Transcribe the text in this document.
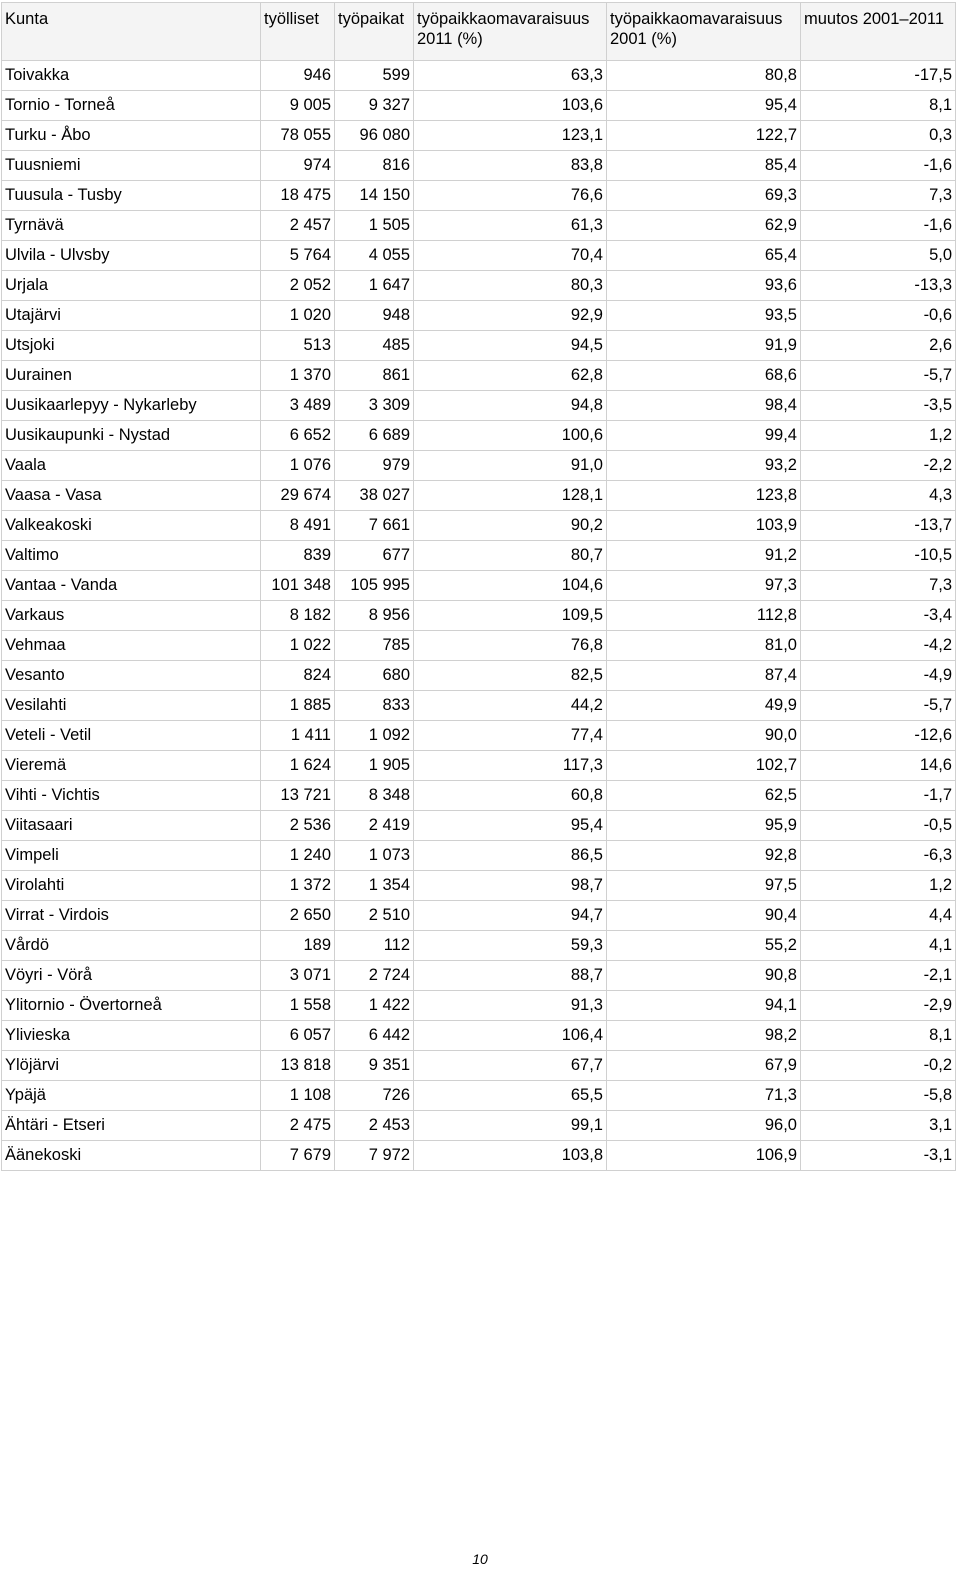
Kunta	työlliset	työpaikat	työpaikkaomavaraisuus 2011 (%)	työpaikkaomavaraisuus 2001 (%)	muutos 2001–2011
Toivakka	946	599	63,3	80,8	-17,5
Tornio - Torneå	9 005	9 327	103,6	95,4	8,1
Turku - Åbo	78 055	96 080	123,1	122,7	0,3
Tuusniemi	974	816	83,8	85,4	-1,6
Tuusula - Tusby	18 475	14 150	76,6	69,3	7,3
Tyrnävä	2 457	1 505	61,3	62,9	-1,6
Ulvila - Ulvsby	5 764	4 055	70,4	65,4	5,0
Urjala	2 052	1 647	80,3	93,6	-13,3
Utajärvi	1 020	948	92,9	93,5	-0,6
Utsjoki	513	485	94,5	91,9	2,6
Uurainen	1 370	861	62,8	68,6	-5,7
Uusikaarlepyy - Nykarleby	3 489	3 309	94,8	98,4	-3,5
Uusikaupunki - Nystad	6 652	6 689	100,6	99,4	1,2
Vaala	1 076	979	91,0	93,2	-2,2
Vaasa - Vasa	29 674	38 027	128,1	123,8	4,3
Valkeakoski	8 491	7 661	90,2	103,9	-13,7
Valtimo	839	677	80,7	91,2	-10,5
Vantaa - Vanda	101 348	105 995	104,6	97,3	7,3
Varkaus	8 182	8 956	109,5	112,8	-3,4
Vehmaa	1 022	785	76,8	81,0	-4,2
Vesanto	824	680	82,5	87,4	-4,9
Vesilahti	1 885	833	44,2	49,9	-5,7
Veteli - Vetil	1 411	1 092	77,4	90,0	-12,6
Vieremä	1 624	1 905	117,3	102,7	14,6
Vihti - Vichtis	13 721	8 348	60,8	62,5	-1,7
Viitasaari	2 536	2 419	95,4	95,9	-0,5
Vimpeli	1 240	1 073	86,5	92,8	-6,3
Virolahti	1 372	1 354	98,7	97,5	1,2
Virrat - Virdois	2 650	2 510	94,7	90,4	4,4
Vårdö	189	112	59,3	55,2	4,1
Vöyri - Vörå	3 071	2 724	88,7	90,8	-2,1
Ylitornio - Övertorneå	1 558	1 422	91,3	94,1	-2,9
Ylivieska	6 057	6 442	106,4	98,2	8,1
Ylöjärvi	13 818	9 351	67,7	67,9	-0,2
Ypäjä	1 108	726	65,5	71,3	-5,8
Ähtäri - Etseri	2 475	2 453	99,1	96,0	3,1
Äänekoski	7 679	7 972	103,8	106,9	-3,1
10
